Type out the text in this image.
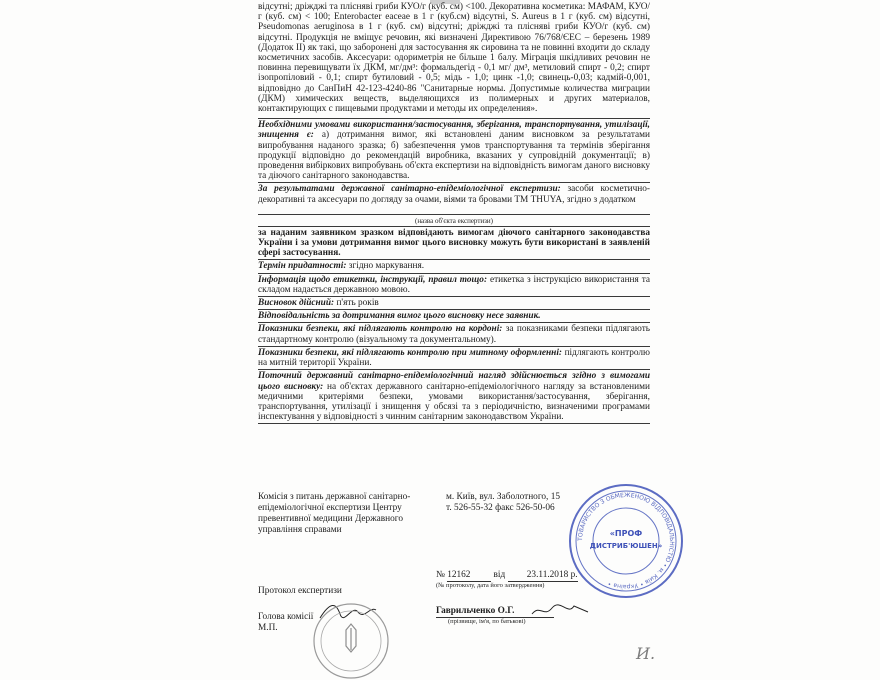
відсутні; дріжджі та плісняві гриби КУО/г (куб. см) <100. Декоративна косметика: МАФАМ, КУО/г (куб. см) < 100; Enterobacter eaceae в 1 г (куб.см) відсутні, S. Aureus в 1 г (куб. см) відсутні, Pseudomonas aeruginosa в 1 г (куб. см) відсутні; дріжджі та плісняві гриби КУО/г (куб. см) відсутні. Продукція не вміщує речовин, які визначені Директивою 76/768/ЄЕС – березень 1989 (Додаток II) як такі, що заборонені для застосування як сировина та не повинні входити до складу косметичних засобів. Аксесуари: одориметрія не більше 1 балу. Міграція шкідливих речовин не повинна перевищувати їх ДКМ, мг/дм³: формальдегід - 0,1 мг/ дм³, метиловий спирт - 0,2; спирт ізопропіловий - 0,1; спирт бутиловий - 0,5; мідь - 1,0; цинк -1,0; свинець-0,03; кадмій-0,001, відповідно до СанПиН 42-123-4240-86 "Санитарные нормы. Допустимые количества миграции (ДКМ) химических веществ, выделяющихся из полимерных и других материалов, контактирующих с пищевыми продуктами и методы их определения».
Необхідними умовами використання/застосування, зберігання, транспортування, утилізації, знищення є: а) дотримання вимог, які встановлені даним висновком за результатами випробування наданого зразка; б) забезпечення умов транспортування та термінів зберігання продукції відповідно до рекомендацій виробника, вказаних у супровідній документації; в) проведення вибіркових випробувань об'єкта експертизи на відповідність вимогам даного висновку та діючого санітарного законодавства.
За результатами державної санітарно-епідеміологічної експертизи: засоби косметично-декоративні та аксесуари по догляду за очами, віями та бровами ТМ THUYA, згідно з додатком
(назва об'єкта експертизи)
за наданим заявником зразком відповідають вимогам діючого санітарного законодавства України і за умови дотримання вимог цього висновку можуть бути використані в заявленій сфері застосування.
Термін придатності: згідно маркування.
Інформація щодо етикетки, інструкції, правил тощо: етикетка з інструкцією використання та складом надається державною мовою.
Висновок дійсний: п'ять років
Відповідальність за дотримання вимог цього висновку несе заявник.
Показники безпеки, які підлягають контролю на кордоні: за показниками безпеки підлягають стандартному контролю (візуальному та документальному).
Показники безпеки, які підлягають контролю при митному оформленні: підлягають контролю на митній території України.
Поточний державний санітарно-епідеміологічний нагляд здійснюється згідно з вимогами цього висновку: на об'єктах державного санітарно-епідеміологічного нагляду за встановленими медичними критеріями безпеки, умовами використання/застосування, зберігання, транспортування, утилізації і знищення у обсязі та з періодичністю, визначеними програмами інспектування у відповідності з чинним санітарним законодавством України.
Комісія з питань державної санітарно-епідеміологічної експертизи Центру превентивної медицини Державного управління справами
м. Київ, вул. Заболотного, 15
т. 526-55-32 факс 526-50-06
Протокол експертизи
№ 12162 від 23.11.2018 р.
(№ протоколу, дата його затвердження)
Голова комісії
М.П.
Гаврильченко О.Г.
(прізвище, ім'я, по батькові)
ТОВАРИСТВО З ОБМЕЖЕНОЮ ВІДПОВІДАЛЬНІСТЮ • м. Київ • Україна •
«ПРОФ
ДИСТРИБ'ЮШЕН»
И.
